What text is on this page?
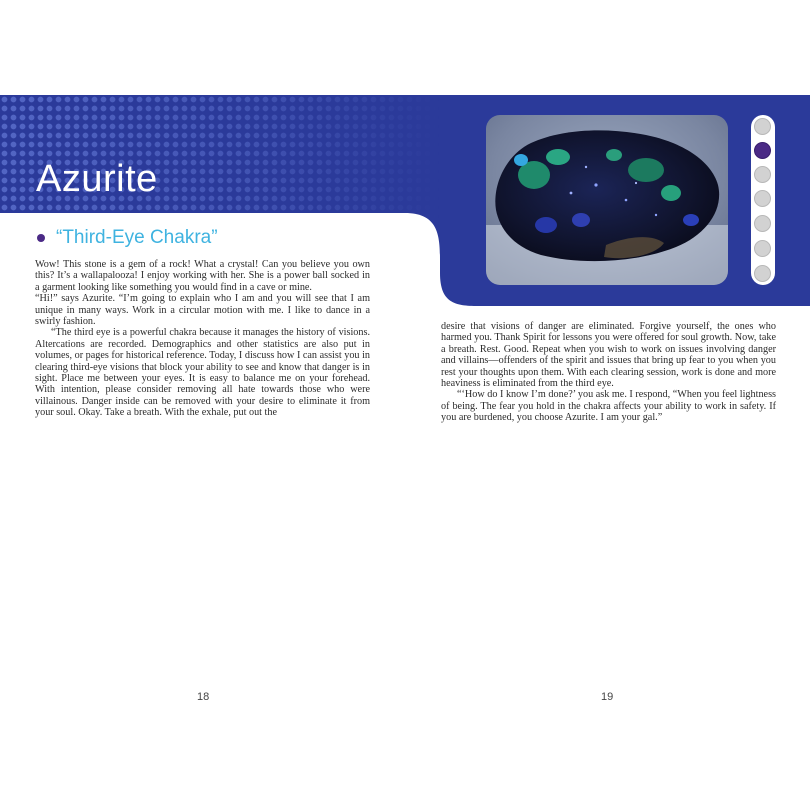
Azurite
“Third-Eye Chakra”

Wow! This stone is a gem of a rock! What a crystal! Can you believe you own this? It’s a wallapalooza! I enjoy working with her. She is a power ball socked in a garment looking like something you would find in a cave or mine.

“Hi!” says Azurite. “I’m going to explain who I am and you will see that I am unique in many ways. Work in a circular motion with me. I like to dance in a swirly fashion.

“The third eye is a powerful chakra because it manages the history of visions. Altercations are recorded. Demographics and other statistics are also put in volumes, or pages for historical reference. Today, I discuss how I can assist you in clearing third-eye visions that block your ability to see and know that danger is in sight. Place me between your eyes. It is easy to balance me on your forehead. With intention, please consider removing all hate towards those who were villainous. Danger inside can be removed with your desire to eliminate it from your soul. Okay. Take a breath. With the exhale, put out the

desire that visions of danger are eliminated. Forgive yourself, the ones who harmed you. Thank Spirit for lessons you were offered for soul growth. Now, take a breath. Rest. Good. Repeat when you wish to work on issues involving danger and villains—offenders of the spirit and issues that bring up fear to you when you rest your thoughts upon them. With each clearing session, work is done and more heaviness is eliminated from the third eye.

“‘How do I know I’m done?’ you ask me. I respond, “When you feel lightness of being. The fear you hold in the chakra affects your ability to work in safety. If you are burdened, you choose Azurite. I am your gal.”

18	19
